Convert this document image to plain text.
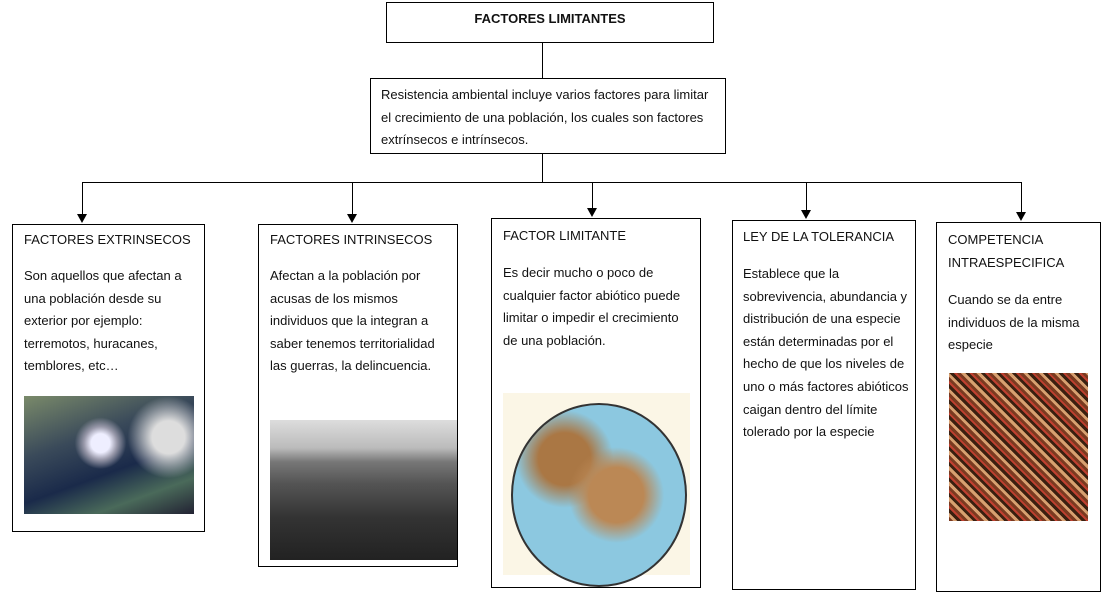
FACTORES LIMITANTES
Resistencia ambiental incluye varios factores para limitar el crecimiento de una población, los cuales son factores extrínsecos e intrínsecos.
FACTORES EXTRINSECOS
Son aquellos que afectan a una población desde su exterior por ejemplo: terremotos, huracanes, temblores, etc…
FACTORES INTRINSECOS
Afectan a la población por acusas de los mismos individuos que la integran a saber tenemos territorialidad las guerras, la delincuencia.
FACTOR LIMITANTE
Es decir mucho o poco de cualquier factor abiótico puede limitar o impedir el crecimiento de una población.
LEY DE LA TOLERANCIA
Establece que la sobrevivencia, abundancia y distribución de una especie están determinadas por el hecho de que los niveles de uno o más factores abióticos caigan dentro del límite tolerado por la especie
COMPETENCIA INTRAESPECIFICA
Cuando se da entre individuos de la misma especie
